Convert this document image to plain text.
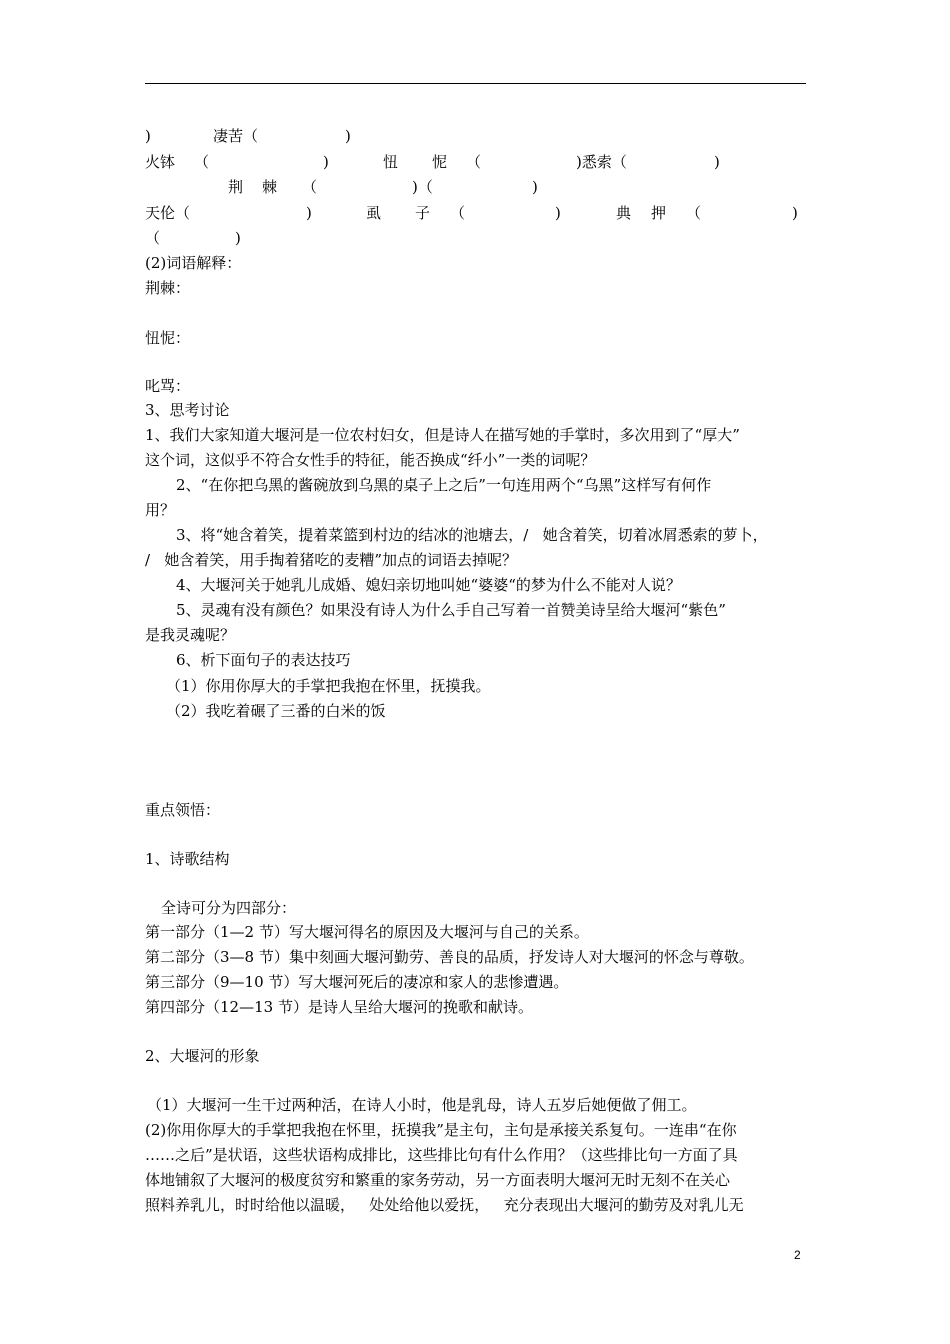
)	凄苦（	)
火钵 （	)	忸 怩 （	)悉索（	)
荆 棘 （	)（	)
天伦（	)	虱 子 （	)	典 押 （	)
（	)
(2)词语解释：
荆棘：
忸怩：
叱骂：
3、思考讨论
1、我们大家知道大堰河是一位农村妇女，但是诗人在描写她的手掌时，多次用到了“厚大”
这个词，这似乎不符合女性手的特征，能否换成“纤小”一类的词呢？
2、“在你把乌黑的酱碗放到乌黑的桌子上之后”一句连用两个“乌黑”这样写有何作
用？
3、将“她含着笑，提着菜篮到村边的结冰的池塘去，/   她含着笑，切着冰屑悉索的萝卜，
/   她含着笑，用手掏着猪吃的麦糟”加点的词语去掉呢？
4、大堰河关于她乳儿成婚、媳妇亲切地叫她“婆婆“的梦为什么不能对人说？
5、灵魂有没有颜色？如果没有诗人为什么手自己写着一首赞美诗呈给大堰河“紫色”
是我灵魂呢？
6、析下面句子的表达技巧
（1）你用你厚大的手掌把我抱在怀里，抚摸我。
（2）我吃着碾了三番的白米的饭
重点领悟：
1、诗歌结构
全诗可分为四部分：
第一部分（1—2 节）写大堰河得名的原因及大堰河与自己的关系。
第二部分（3—8 节）集中刻画大堰河勤劳、善良的品质，抒发诗人对大堰河的怀念与尊敬。
第三部分（9—10 节）写大堰河死后的凄凉和家人的悲惨遭遇。
第四部分（12—13 节）是诗人呈给大堰河的挽歌和献诗。
2、大堰河的形象
（1）大堰河一生干过两种活，在诗人小时，他是乳母，诗人五岁后她便做了佣工。
(2)你用你厚大的手掌把我抱在怀里，抚摸我”是主句，主句是承接关系复句。一连串“在你
……之后”是状语，这些状语构成排比，这些排比句有什么作用？（这些排比句一方面了具
体地铺叙了大堰河的极度贫穷和繁重的家务劳动，另一方面表明大堰河无时无刻不在关心
照料养乳儿，时时给他以温暖，   处处给他以爱抚，   充分表现出大堰河的勤劳及对乳儿无
2
